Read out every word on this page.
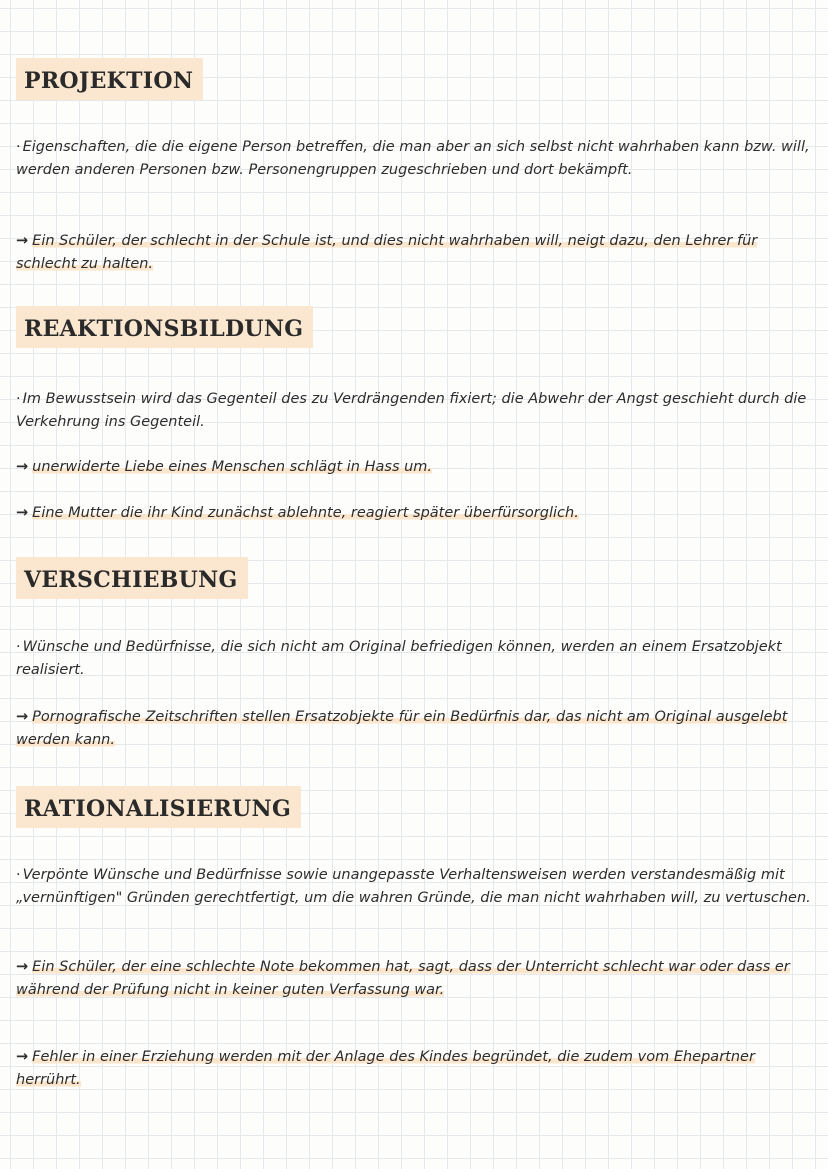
PROJEKTION
· Eigenschaften, die die eigene Person betreffen, die man aber an sich selbst nicht wahrhaben kann bzw. will, werden anderen Personen bzw. Personengruppen zugeschrieben und dort bekämpft.
→ Ein Schüler, der schlecht in der Schule ist, und dies nicht wahrhaben will, neigt dazu, den Lehrer für schlecht zu halten.
REAKTIONSBILDUNG
· Im Bewusstsein wird das Gegenteil des zu Verdrängenden fixiert; die Abwehr der Angst geschieht durch die Verkehrung ins Gegenteil.
→ unerwiderte Liebe eines Menschen schlägt in Hass um.
→ Eine Mutter die ihr Kind zunächst ablehnte, reagiert später überfürsorglich.
VERSCHIEBUNG
· Wünsche und Bedürfnisse, die sich nicht am Original befriedigen können, werden an einem Ersatzobjekt realisiert.
→ Pornografische Zeitschriften stellen Ersatzobjekte für ein Bedürfnis dar, das nicht am Original ausgelebt werden kann.
RATIONALISIERUNG
· Verpönte Wünsche und Bedürfnisse sowie unangepasste Verhaltensweisen werden verstandesmäßig mit „vernünftigen" Gründen gerechtfertigt, um die wahren Gründe, die man nicht wahrhaben will, zu vertuschen.
→ Ein Schüler, der eine schlechte Note bekommen hat, sagt, dass der Unterricht schlecht war oder dass er während der Prüfung nicht in keiner guten Verfassung war.
→ Fehler in einer Erziehung werden mit der Anlage des Kindes begründet, die zudem vom Ehepartner herrührt.
